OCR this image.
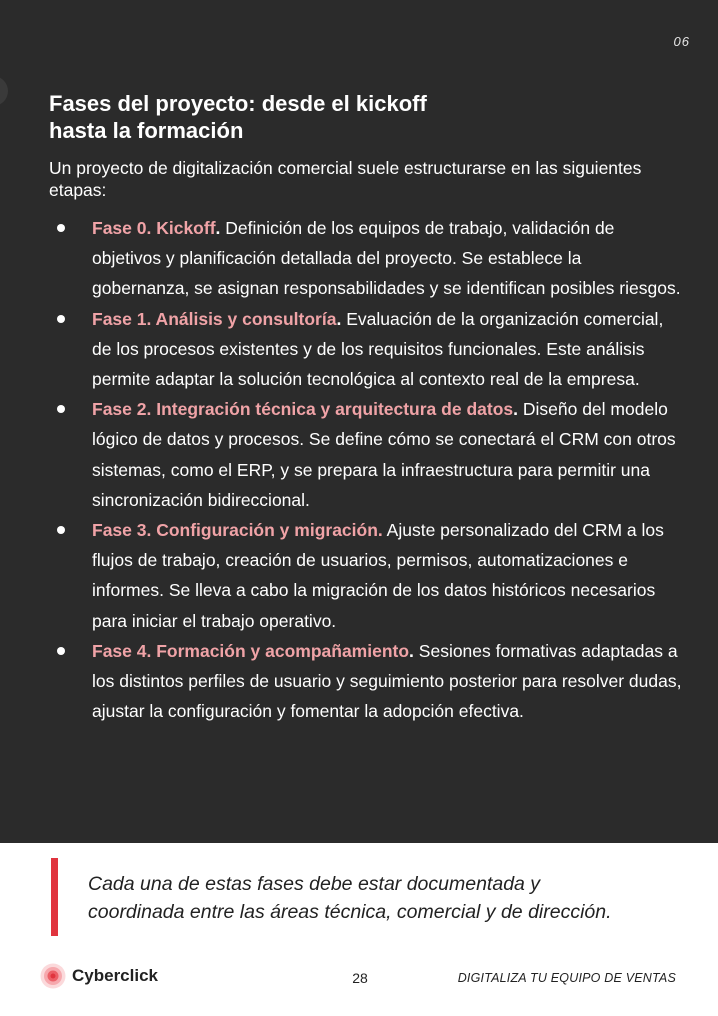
06
Fases del proyecto: desde el kickoff
hasta la formación

Un proyecto de digitalización comercial suele estructurarse en las siguientes etapas:

Fase 0. Kickoff. Definición de los equipos de trabajo, validación de objetivos y planificación detallada del proyecto. Se establece la gobernanza, se asignan responsabilidades y se identifican posibles riesgos.
Fase 1. Análisis y consultoría. Evaluación de la organización comercial, de los procesos existentes y de los requisitos funcionales. Este análisis permite adaptar la solución tecnológica al contexto real de la empresa.
Fase 2. Integración técnica y arquitectura de datos. Diseño del modelo lógico de datos y procesos. Se define cómo se conectará el CRM con otros sistemas, como el ERP, y se prepara la infraestructura para permitir una sincronización bidireccional.
Fase 3. Configuración y migración. Ajuste personalizado del CRM a los flujos de trabajo, creación de usuarios, permisos, automatizaciones e informes. Se lleva a cabo la migración de los datos históricos necesarios para iniciar el trabajo operativo.
Fase 4. Formación y acompañamiento. Sesiones formativas adaptadas a los distintos perfiles de usuario y seguimiento posterior para resolver dudas, ajustar la configuración y fomentar la adopción efectiva.

Cada una de estas fases debe estar documentada y
coordinada entre las áreas técnica, comercial y de dirección.

Cyberclick	28	DIGITALIZA TU EQUIPO DE VENTAS
